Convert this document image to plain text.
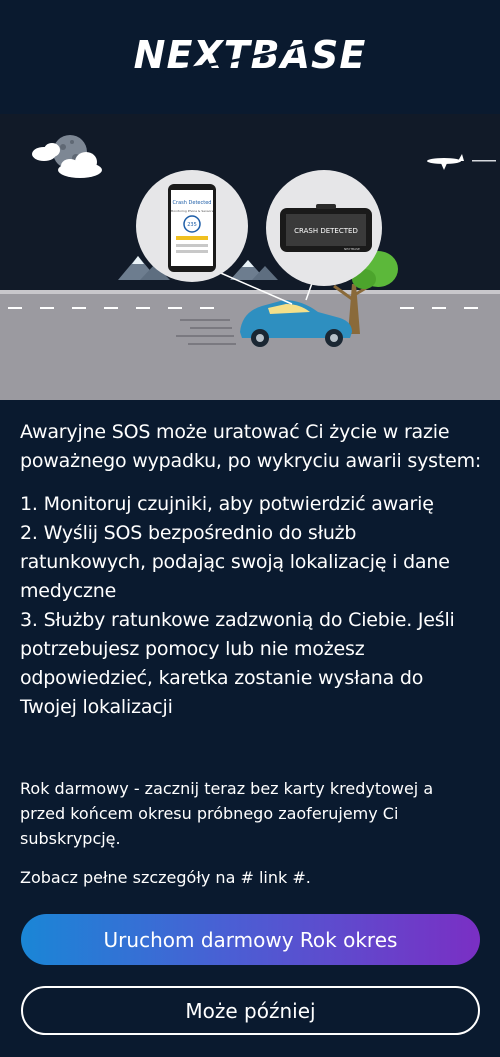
NEXTBASE
Crash Detected
Monitoring Phone & Sensors
235
CRASH DETECTED
NEXTBASE

Awaryjne SOS może uratować Ci życie w razie poważnego wypadku, po wykryciu awarii system:

1. Monitoruj czujniki, aby potwierdzić awarię
2. Wyślij SOS bezpośrednio do służb ratunkowych, podając swoją lokalizację i dane medyczne
3. Służby ratunkowe zadzwonią do Ciebie. Jeśli potrzebujesz pomocy lub nie możesz odpowiedzieć, karetka zostanie wysłana do Twojej lokalizacji

Rok darmowy - zacznij teraz bez karty kredytowej a przed końcem okresu próbnego zaoferujemy Ci subskrypcję.

Zobacz pełne szczegóły na # link #.

Uruchom darmowy Rok okres
Może później
